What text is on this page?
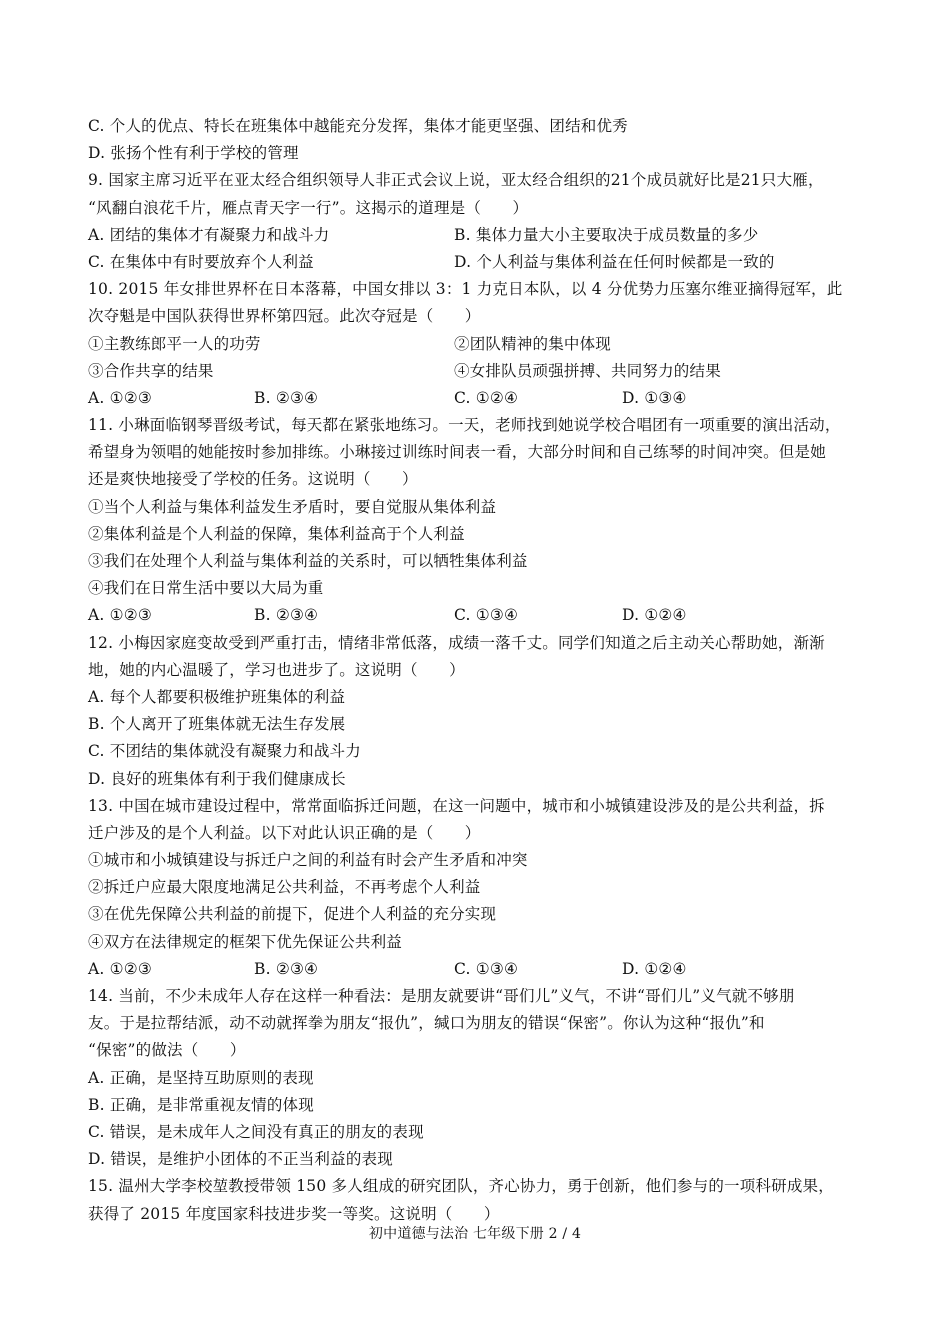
C. 个人的优点、特长在班集体中越能充分发挥，集体才能更坚强、团结和优秀
D. 张扬个性有利于学校的管理
9. 国家主席习近平在亚太经合组织领导人非正式会议上说，亚太经合组织的21个成员就好比是21只大雁，
“风翻白浪花千片，雁点青天字一行”。这揭示的道理是（　　）
A. 团结的集体才有凝聚力和战斗力	B. 集体力量大小主要取决于成员数量的多少
C. 在集体中有时要放弃个人利益	D. 个人利益与集体利益在任何时候都是一致的
10. 2015 年女排世界杯在日本落幕，中国女排以 3：1 力克日本队，以 4 分优势力压塞尔维亚摘得冠军，此
次夺魁是中国队获得世界杯第四冠。此次夺冠是（　　）
①主教练郎平一人的功劳	②团队精神的集中体现
③合作共享的结果	④女排队员顽强拼搏、共同努力的结果
A. ①②③	B. ②③④	C. ①②④	D. ①③④
11. 小琳面临钢琴晋级考试，每天都在紧张地练习。一天，老师找到她说学校合唱团有一项重要的演出活动，
希望身为领唱的她能按时参加排练。小琳接过训练时间表一看，大部分时间和自己练琴的时间冲突。但是她
还是爽快地接受了学校的任务。这说明（　　）
①当个人利益与集体利益发生矛盾时，要自觉服从集体利益
②集体利益是个人利益的保障，集体利益高于个人利益
③我们在处理个人利益与集体利益的关系时，可以牺牲集体利益
④我们在日常生活中要以大局为重
A. ①②③	B. ②③④	C. ①③④	D. ①②④
12. 小梅因家庭变故受到严重打击，情绪非常低落，成绩一落千丈。同学们知道之后主动关心帮助她，渐渐
地，她的内心温暖了，学习也进步了。这说明（　　）
A. 每个人都要积极维护班集体的利益
B. 个人离开了班集体就无法生存发展
C. 不团结的集体就没有凝聚力和战斗力
D. 良好的班集体有利于我们健康成长
13. 中国在城市建设过程中，常常面临拆迁问题，在这一问题中，城市和小城镇建设涉及的是公共利益，拆
迁户涉及的是个人利益。以下对此认识正确的是（　　）
①城市和小城镇建设与拆迁户之间的利益有时会产生矛盾和冲突
②拆迁户应最大限度地满足公共利益，不再考虑个人利益
③在优先保障公共利益的前提下，促进个人利益的充分实现
④双方在法律规定的框架下优先保证公共利益
A. ①②③	B. ②③④	C. ①③④	D. ①②④
14. 当前，不少未成年人存在这样一种看法：是朋友就要讲“哥们儿”义气，不讲“哥们儿”义气就不够朋
友。于是拉帮结派，动不动就挥拳为朋友“报仇”，缄口为朋友的错误“保密”。你认为这种“报仇”和
“保密”的做法（　　）
A. 正确，是坚持互助原则的表现
B. 正确，是非常重视友情的体现
C. 错误，是未成年人之间没有真正的朋友的表现
D. 错误，是维护小团体的不正当利益的表现
15. 温州大学李校堃教授带领 150 多人组成的研究团队，齐心协力，勇于创新，他们参与的一项科研成果，
获得了 2015 年度国家科技进步奖一等奖。这说明（　　）
初中道德与法治 七年级下册 2 / 4
